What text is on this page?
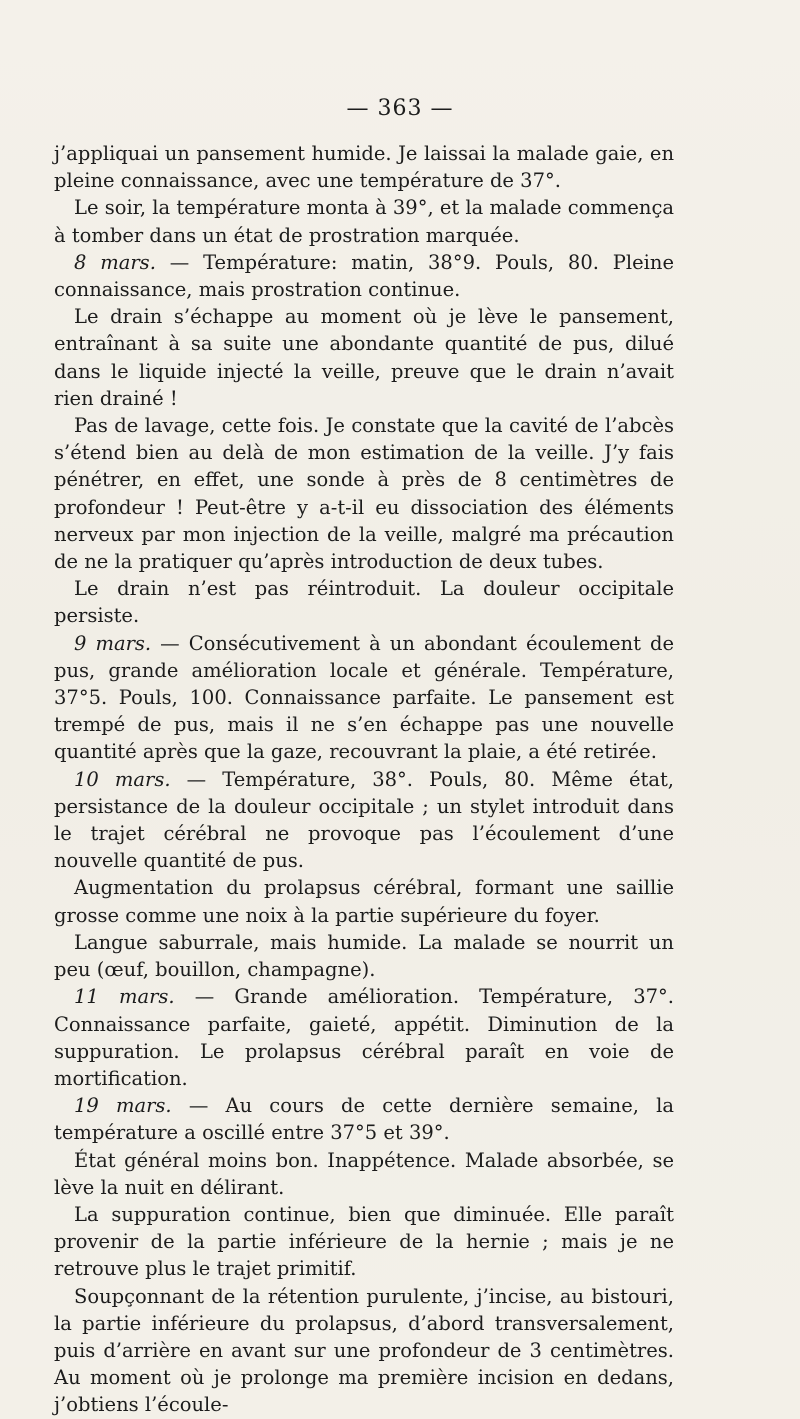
— 363 —

j’appliquai un pansement humide. Je laissai la malade gaie, en pleine connaissance, avec une température de 37°.

Le soir, la température monta à 39°, et la malade commença à tomber dans un état de prostration marquée.

8 mars. — Température: matin, 38°9. Pouls, 80. Pleine connaissance, mais prostration continue.

Le drain s’échappe au moment où je lève le pansement, entraînant à sa suite une abondante quantité de pus, dilué dans le liquide injecté la veille, preuve que le drain n’avait rien drainé !

Pas de lavage, cette fois. Je constate que la cavité de l’abcès s’étend bien au delà de mon estimation de la veille. J’y fais pénétrer, en effet, une sonde à près de 8 centimètres de profondeur ! Peut-être y a-t-il eu dissociation des éléments nerveux par mon injection de la veille, malgré ma précaution de ne la pratiquer qu’après introduction de deux tubes.

Le drain n’est pas réintroduit. La douleur occipitale persiste.

9 mars. — Consécutivement à un abondant écoulement de pus, grande amélioration locale et générale. Température, 37°5. Pouls, 100. Connaissance parfaite. Le pansement est trempé de pus, mais il ne s’en échappe pas une nouvelle quantité après que la gaze, recouvrant la plaie, a été retirée.

10 mars. — Température, 38°. Pouls, 80. Même état, persistance de la douleur occipitale ; un stylet introduit dans le trajet cérébral ne provoque pas l’écoulement d’une nouvelle quantité de pus.

Augmentation du prolapsus cérébral, formant une saillie grosse comme une noix à la partie supérieure du foyer.

Langue saburrale, mais humide. La malade se nourrit un peu (œuf, bouillon, champagne).

11 mars. — Grande amélioration. Température, 37°. Connaissance parfaite, gaieté, appétit. Diminution de la suppuration. Le prolapsus cérébral paraît en voie de mortification.

19 mars. — Au cours de cette dernière semaine, la température a oscillé entre 37°5 et 39°.

État général moins bon. Inappétence. Malade absorbée, se lève la nuit en délirant.

La suppuration continue, bien que diminuée. Elle paraît provenir de la partie inférieure de la hernie ; mais je ne retrouve plus le trajet primitif.

Soupçonnant de la rétention purulente, j’incise, au bistouri, la partie inférieure du prolapsus, d’abord transversalement, puis d’arrière en avant sur une profondeur de 3 centimètres. Au moment où je prolonge ma première incision en dedans, j’obtiens l’écoule-
